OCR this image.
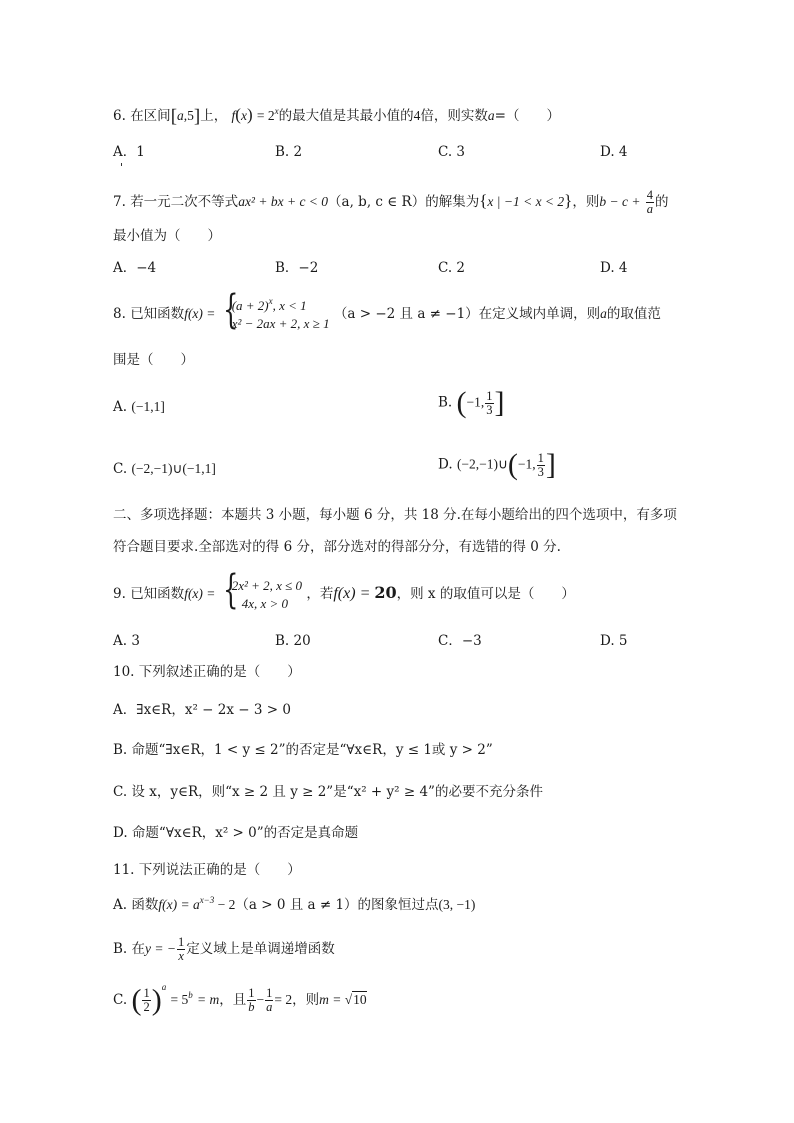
6. 在区间[a,5]上， $f(x) = 2^x$的最大值是其最小值的4倍，则实数a=（　　）
A．1	B. 2	C. 3	D. 4
7. 若一元二次不等式ax² + bx + c < 0（a, b, c ∈ R）的解集为{x | −1 < x < 2}，则$b - c + \frac{4}{a}$ 的
最小值为（　　）
A．−4	B．−2	C. 2	D. 4
8. 已知函数f(x) =
{ $(a + 2)^x$, x < 1
x² − 2ax + 2, x ≥ 1
（a > −2 且 a ≠ −1）在定义域内单调，则a的取值范
围是（　　）
A. (−1,1]	B. (−1, $\frac{1}{3}$ ]
C. (−2,−1)∪(−1,1]	D. (−2,−1)∪(−1, $\frac{1}{3}$ ]
二、多项选择题：本题共 3 小题，每小题 6 分，共 18 分.在每小题给出的四个选项中，有多项
符合题目要求.全部选对的得 6 分，部分选对的得部分分，有选错的得 0 分.
9. 已知函数f(x) =
{ 2x² + 2, x ≤ 0
4x, x > 0
，若f(x) = 20，则 x 的取值可以是（　　）
A. 3	B. 20	C．−3	D. 5
10. 下列叙述正确的是（　　）
A．∃x∈R，x² − 2x − 3 > 0
B. 命题“∃x∈R，1 < y ≤ 2”的否定是“∀x∈R，y ≤ 1或 y > 2”
C. 设 x，y∈R，则“x ≥ 2 且 y ≥ 2”是“x² + y² ≥ 4”的必要不充分条件
D. 命题“∀x∈R，x² > 0”的否定是真命题
11. 下列说法正确的是（　　）
A. 函数$f(x) = a^{x-3} - 2(a > 0$ 且 a ≠ 1）的图象恒过点(3, −1)
B. 在y = − $\frac{1}{x}$ 定义域上是单调递增函数
C. ( $\frac{1}{2} )^a = 5^b = m$，且 $\frac{1}{b} - \frac{1}{a} = 2$，则m = √10
